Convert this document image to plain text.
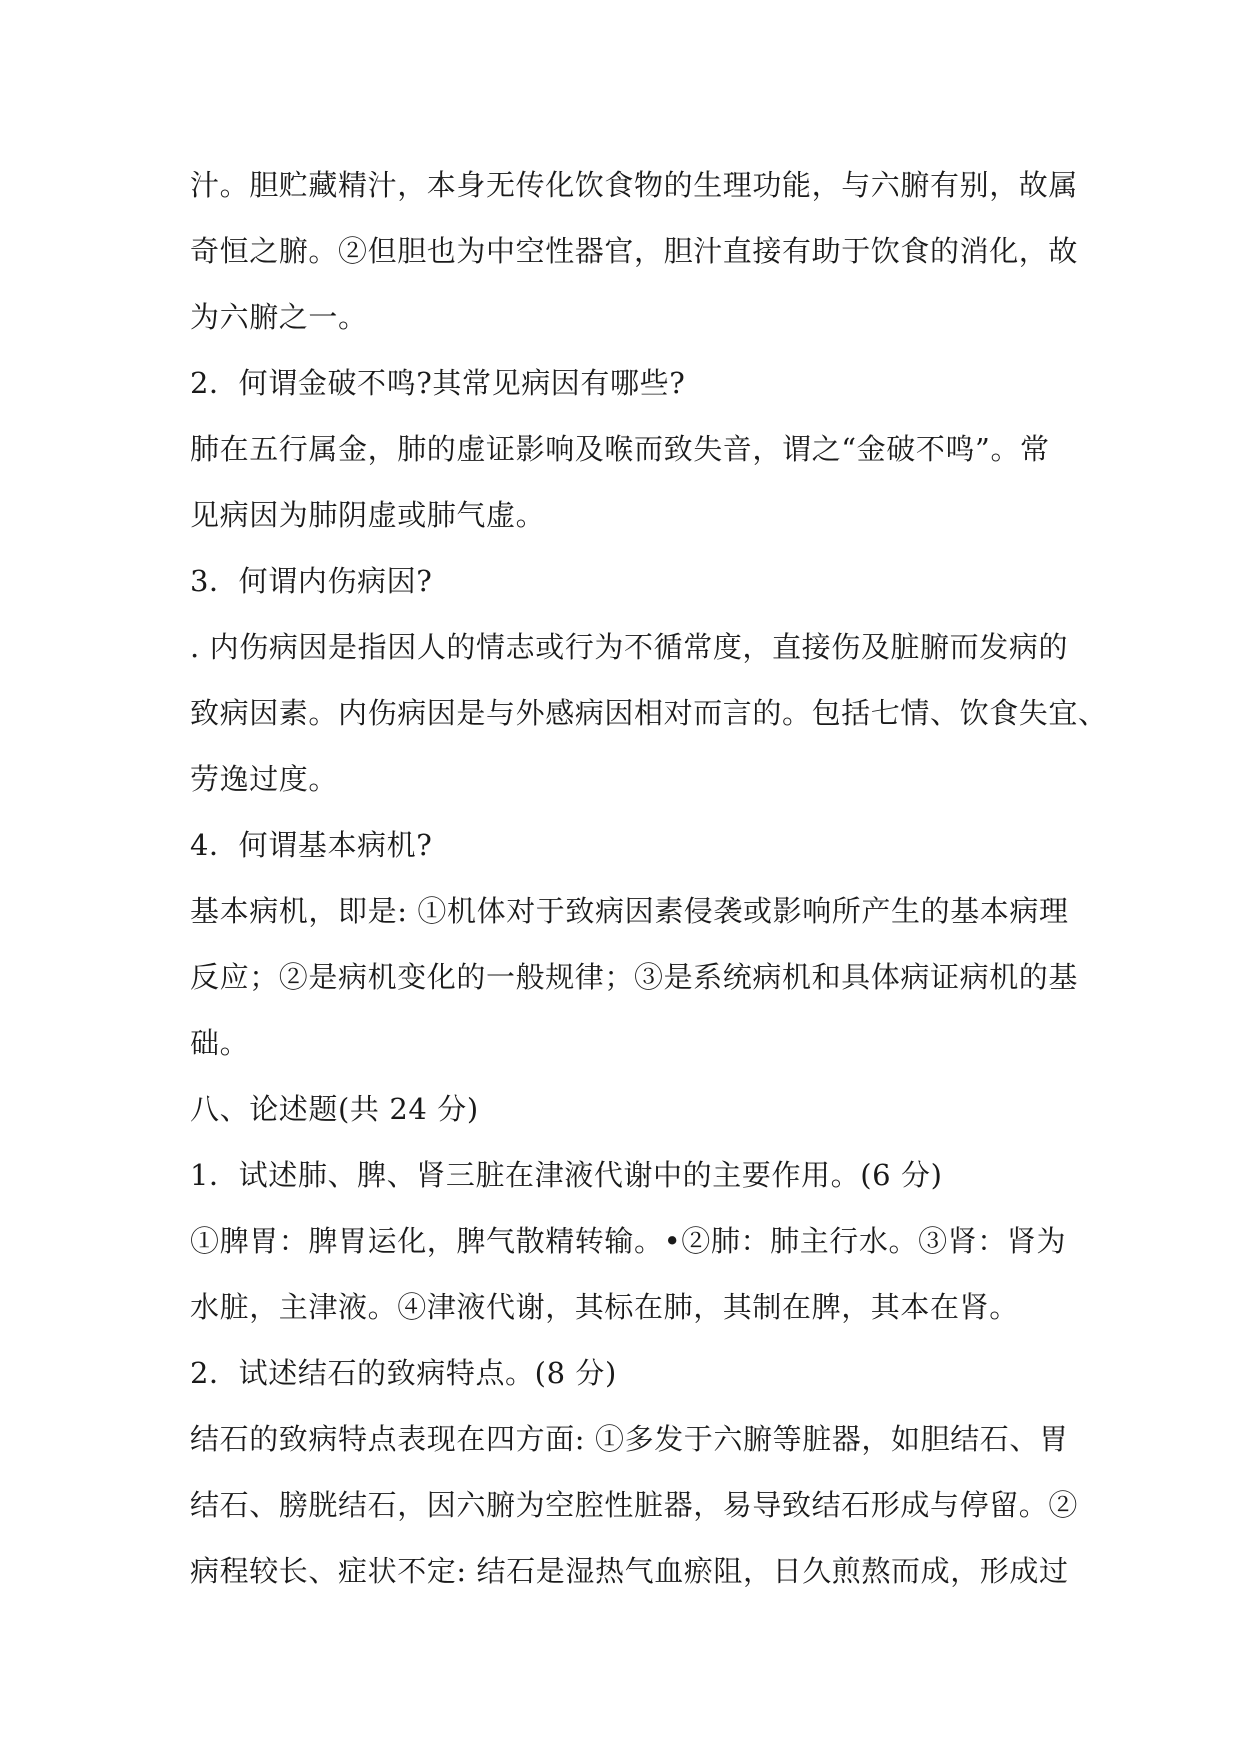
汁。胆贮藏精汁，本身无传化饮食物的生理功能，与六腑有别，故属
奇恒之腑。②但胆也为中空性器官，胆汁直接有助于饮食的消化，故
为六腑之一。
2．何谓金破不鸣?其常见病因有哪些?
肺在五行属金，肺的虚证影响及喉而致失音，谓之“金破不鸣”。常
见病因为肺阴虚或肺气虚。
3．何谓内伤病因?
. 内伤病因是指因人的情志或行为不循常度，直接伤及脏腑而发病的
致病因素。内伤病因是与外感病因相对而言的。包括七情、饮食失宜、
劳逸过度。
4．何谓基本病机?
基本病机，即是: ①机体对于致病因素侵袭或影响所产生的基本病理
反应；②是病机变化的一般规律；③是系统病机和具体病证病机的基
础。
八、论述题(共 24 分)
1．试述肺、脾、肾三脏在津液代谢中的主要作用。(6 分)
①脾胃：脾胃运化，脾气散精转输。•②肺：肺主行水。③肾：肾为
水脏，主津液。④津液代谢，其标在肺，其制在脾，其本在肾。
2．试述结石的致病特点。(8 分)
结石的致病特点表现在四方面: ①多发于六腑等脏器，如胆结石、胃
结石、膀胱结石，因六腑为空腔性脏器，易导致结石形成与停留。②
病程较长、症状不定: 结石是湿热气血瘀阻，日久煎熬而成，形成过
